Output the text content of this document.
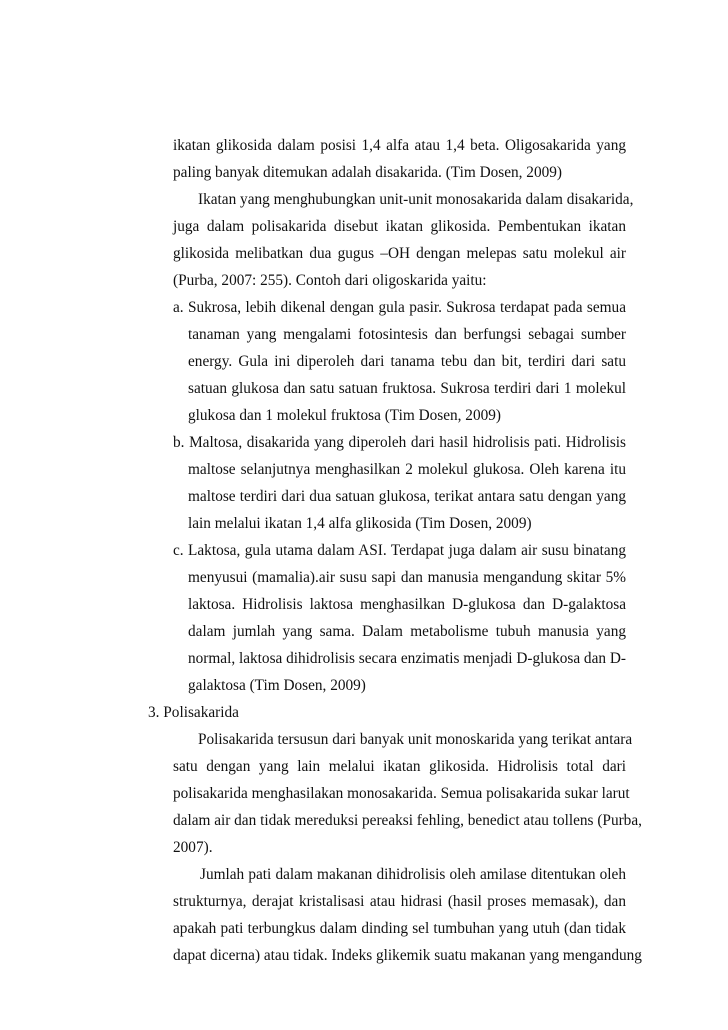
ikatan glikosida dalam posisi 1,4 alfa atau 1,4 beta. Oligosakarida yang
paling banyak ditemukan adalah disakarida. (Tim Dosen, 2009)
Ikatan yang menghubungkan unit-unit monosakarida dalam disakarida,
juga dalam polisakarida disebut ikatan glikosida. Pembentukan ikatan
glikosida melibatkan dua gugus –OH dengan melepas satu molekul air
(Purba, 2007: 255). Contoh dari oligoskarida yaitu:
a. Sukrosa, lebih dikenal dengan gula pasir. Sukrosa terdapat pada semua
tanaman yang mengalami fotosintesis dan berfungsi sebagai sumber
energy. Gula ini diperoleh dari tanama tebu dan bit, terdiri dari satu
satuan glukosa dan satu satuan fruktosa. Sukrosa terdiri dari 1 molekul
glukosa dan 1 molekul fruktosa (Tim Dosen, 2009)
b. Maltosa, disakarida yang diperoleh dari hasil hidrolisis pati. Hidrolisis
maltose selanjutnya menghasilkan 2 molekul glukosa. Oleh karena itu
maltose terdiri dari dua satuan glukosa, terikat antara satu dengan yang
lain melalui ikatan 1,4 alfa glikosida (Tim Dosen, 2009)
c. Laktosa, gula utama dalam ASI. Terdapat juga dalam air susu binatang
menyusui (mamalia).air susu sapi dan manusia mengandung skitar 5%
laktosa. Hidrolisis laktosa menghasilkan D-glukosa dan D-galaktosa
dalam jumlah yang sama. Dalam metabolisme tubuh manusia yang
normal, laktosa dihidrolisis secara enzimatis menjadi D-glukosa dan D-
galaktosa (Tim Dosen, 2009)
3. Polisakarida
Polisakarida tersusun dari banyak unit monoskarida yang terikat antara
satu dengan yang lain melalui ikatan glikosida. Hidrolisis total dari
polisakarida menghasilakan monosakarida. Semua polisakarida sukar larut
dalam air dan tidak mereduksi pereaksi fehling, benedict atau tollens (Purba,
2007).
Jumlah pati dalam makanan dihidrolisis oleh amilase ditentukan oleh
strukturnya, derajat kristalisasi atau hidrasi (hasil proses memasak), dan
apakah pati terbungkus dalam dinding sel tumbuhan yang utuh (dan tidak
dapat dicerna) atau tidak. Indeks glikemik suatu makanan yang mengandung
